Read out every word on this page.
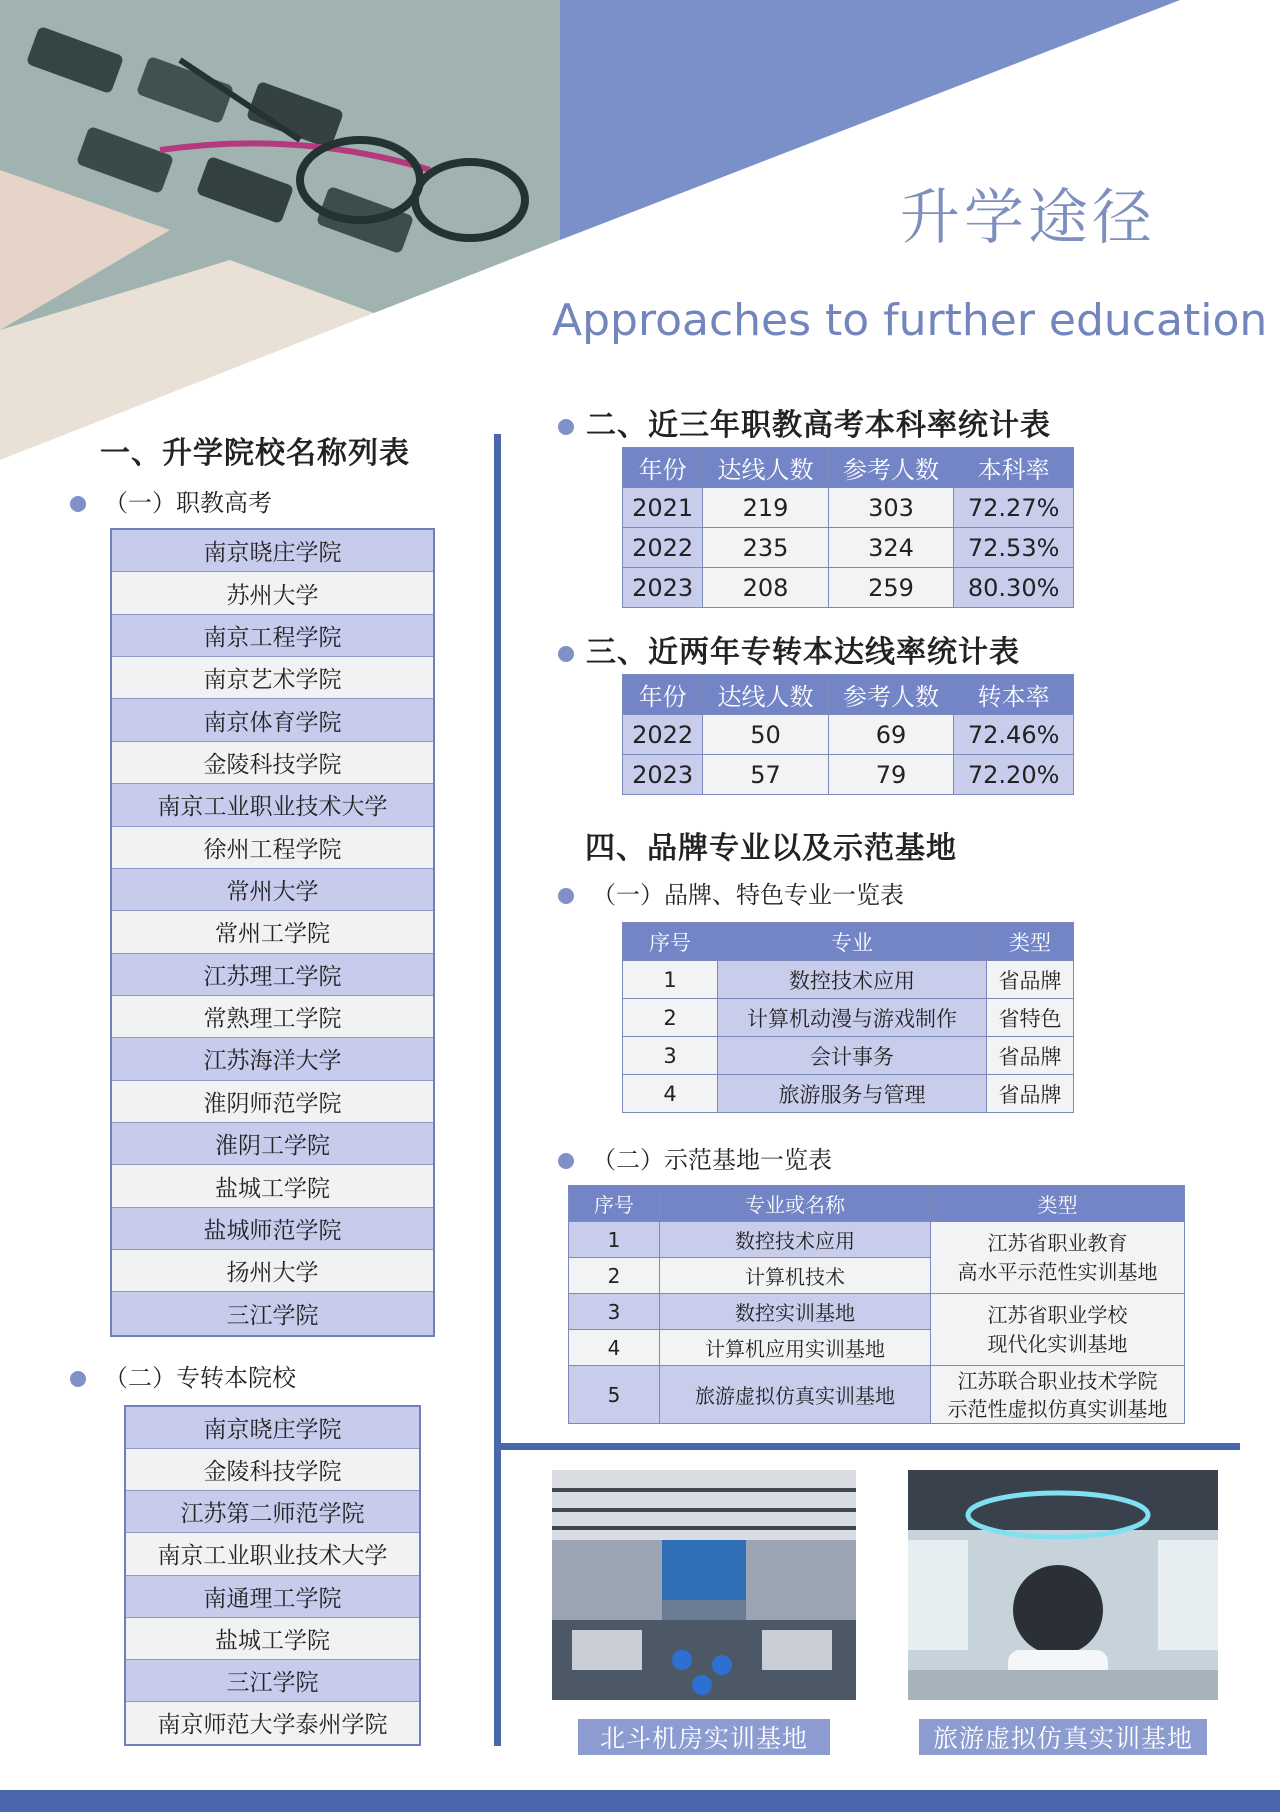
升学途径
Approaches to further education
一、升学院校名称列表
（一）职教高考
南京晓庄学院
苏州大学
南京工程学院
南京艺术学院
南京体育学院
金陵科技学院
南京工业职业技术大学
徐州工程学院
常州大学
常州工学院
江苏理工学院
常熟理工学院
江苏海洋大学
淮阴师范学院
淮阴工学院
盐城工学院
盐城师范学院
扬州大学
三江学院
（二）专转本院校
南京晓庄学院
金陵科技学院
江苏第二师范学院
南京工业职业技术大学
南通理工学院
盐城工学院
三江学院
南京师范大学泰州学院
二、近三年职教高考本科率统计表
年份	达线人数	参考人数	本科率
2021	219	303	72.27%
2022	235	324	72.53%
2023	208	259	80.30%
三、近两年专转本达线率统计表
年份	达线人数	参考人数	转本率
2022	50	69	72.46%
2023	57	79	72.20%
四、品牌专业以及示范基地
（一）品牌、特色专业一览表
序号	专业	类型
1	数控技术应用	省品牌
2	计算机动漫与游戏制作	省特色
3	会计事务	省品牌
4	旅游服务与管理	省品牌
（二）示范基地一览表
序号	专业或名称	类型
1	数控技术应用	江苏省职业教育
高水平示范性实训基地

2	计算机技术	
3	数控实训基地	江苏省职业学校
现代化实训基地

4	计算机应用实训基地	
5	旅游虚拟仿真实训基地	江苏联合职业技术学院
示范性虚拟仿真实训基地
北斗机房实训基地	旅游虚拟仿真实训基地
